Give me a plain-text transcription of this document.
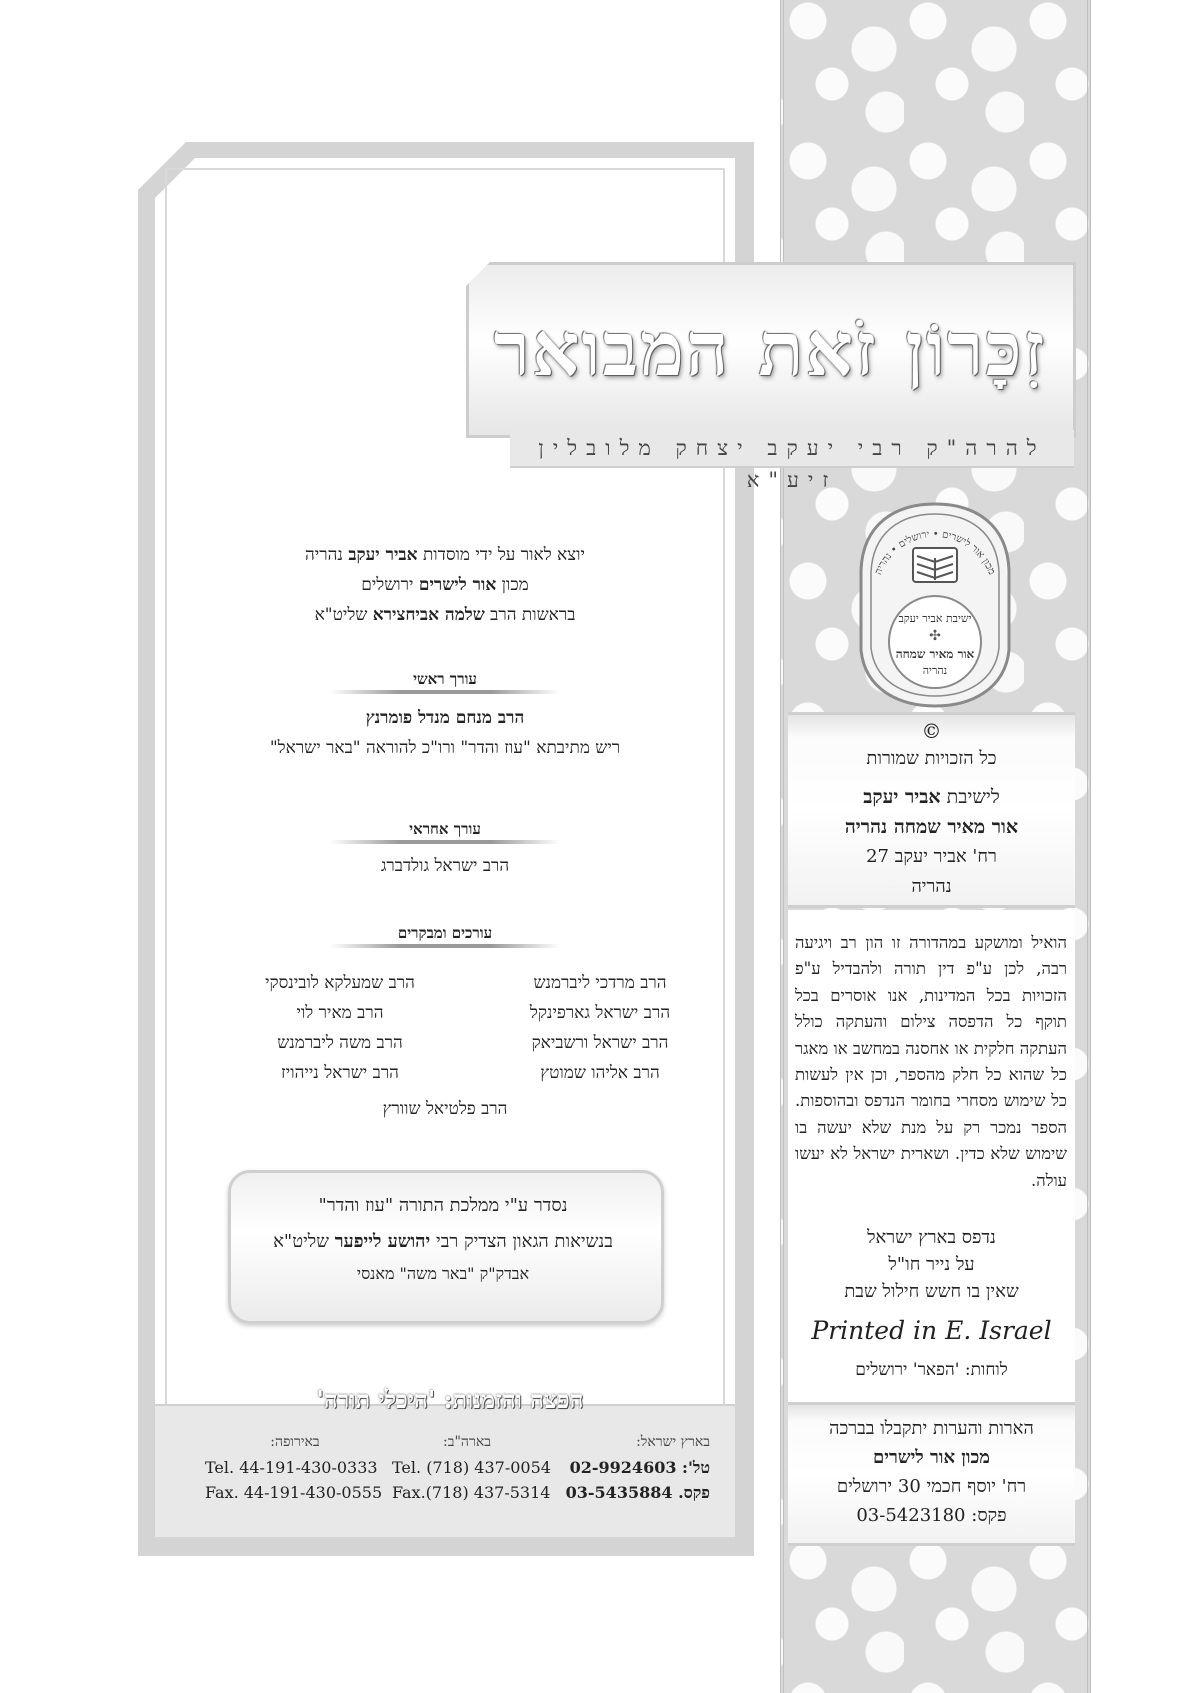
זִכָּרוֹן זֹאת המבואר
להרה"ק רבי יעקב יצחק מלובלין זיע"א
מכון אור לישרים • ירושלים • נהריה
ישיבת אביר יעקב
✣
אור מאיר שמחה
נהריה
©
כל הזכויות שמורות
לישיבת אביר יעקב
אור מאיר שמחה נהריה
רח' אביר יעקב 27
נהריה
הואיל ומושקע במהדורה זו הון רב ויגיעה רבה, לכן ע"פ דין תורה ולהבדיל ע"פ הזכויות בכל המדינות, אנו אוסרים בכל תוקף כל הדפסה צילום והעתקה כולל העתקה חלקית או אחסנה במחשב או מאגר כל שהוא כל חלק מהספר, וכן אין לעשות כל שימוש מסחרי בחומר הנדפס ובהוספות. הספר נמכר רק על מנת שלא יעשה בו שימוש שלא כדין. ושארית ישראל לא יעשו עולה.
נדפס בארץ ישראל
על נייר חו"ל
שאין בו חשש חילול שבת
Printed in E. Israel
לוחות: 'הפאר' ירושלים
הארות והערות יתקבלו בברכה
מכון אור לישרים
רח' יוסף חכמי 30 ירושלים
פקס: 03-5423180
יוצא לאור על ידי מוסדות אביר יעקב נהריה
מכון אור לישרים ירושלים
בראשות הרב שלמה אביחצירא שליט"א
עורך ראשי
הרב מנחם מנדל פומרנץ
ריש מתיבתא "עוז והדר" ורו"כ להוראה "באר ישראל"
עורך אחראי
הרב ישראל גולדברג
עורכים ומבקרים
הרב מרדכי ליברמנש
הרב ישראל גארפינקל
הרב ישראל ורשביאק
הרב אליהו שמוטץ
הרב שמעלקא לובינסקי
הרב מאיר לוי
הרב משה ליברמנש
הרב ישראל נייהויז
הרב פלטיאל שוורץ
נסדר ע"י ממלכת התורה "עוז והדר"
בנשיאות הגאון הצדיק רבי יהושע לייפער שליט"א
אבדק"ק "באר משה" מאנסי
הפצה והזמנות: 'היכלי תורה'
בארץ ישראל:
טל': 02-9924603
פקס. 03-5435884
בארה"ב:
Tel. (718) 437-0054
Fax.(718) 437-5314
באירופה:
Tel. 44-191-430-0333
Fax. 44-191-430-0555
